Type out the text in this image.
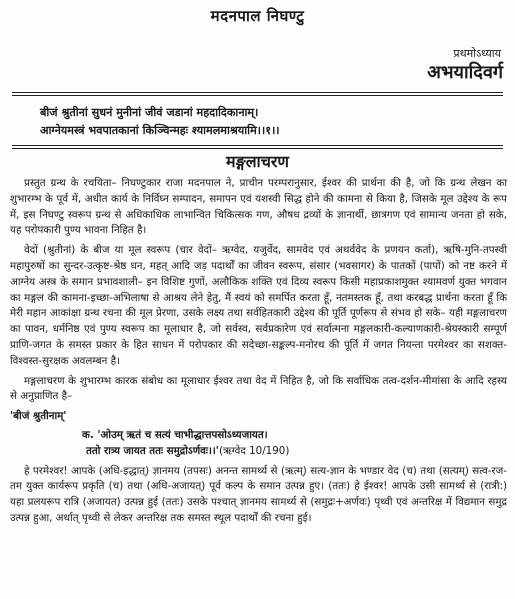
मदनपाल निघण्टु
प्रथमोऽध्याय
अभयादिवर्ग
बीजं श्रुतीनां सुधनं मुनीनां जीवं जडानां महदादिकानाम्।
आग्नेयमस्त्रं भवपातकानां किञ्चिन्महः श्यामलमाश्रयामि।।१।।
मङ्गलाचरण

प्रस्तुत ग्रन्थ के रचयिता– निघण्टुकार राजा मदनपाल ने, प्राचीन परम्परानुसार, ईश्वर की प्रार्थना की है, जो कि ग्रन्थ लेखन का शुभारम्भ के पूर्व में, अधीत कार्य के निर्विघ्न सम्पादन, समापन एवं यशस्वी सिद्ध होने की कामना से किया है, जिसके मूल उद्देश्य के रूप में, इस निघण्टु स्वरूप ग्रन्थ से अधिकाधिक लाभान्वित चिकित्सक गण, औषध द्रव्यों के ज्ञानार्थी, छात्रगण एवं सामान्य जनता हो सके, यह परोपकारी पुण्य भावना निहित है।

वेदों (श्रुतीनां) के बीज या मूल स्वरूप (चार वेदों– ऋग्वेद, यजुर्वेद, सामवेद एवं अथर्ववेद के प्रणयन कर्ता), ऋषि-मुनि-तपस्वी महापुरुषों का सुन्दर-उत्कृष्ट-श्रेष्ठ धन, महत् आदि जड़ पदार्थों का जीवन स्वरूप, संसार (भवसागर) के पातकों (पापों) को नष्ट करने में आग्नेय अस्त्र के समान प्रभावशाली– इन विशिष्ट गुणों, अलौकिक शक्ति एवं दिव्य स्वरूप किसी महाप्रकाशमुक्त श्यामवर्ण युक्त भगवान का मङ्गल की कामना-इच्छा-अभिलाषा से आश्रय लेने हेतु, मैं स्वयं को समर्पित करता हूँ, नतमस्तक हूँ, तथा करबद्ध प्रार्थना करता हूँ कि मेरी महान आकांक्षा ग्रन्थ रचना की मूल प्रेरणा, उसके लक्ष्य तथा सर्वहितकारी उद्देश्य की पूर्ति पूर्णरूप से संभव हो सके– यही मङ्गलाचरण का पावन, धर्मनिष्ठ एवं पुण्य स्वरूप का मूलाधार है, जो सर्वस्व, सर्वप्रकारेण एवं सर्वात्मना मङ्गलकारी-कल्याणकारी-श्रेयस्कारी सम्पूर्ण प्राणि-जगत के समस्त प्रकार के हित साधन में परोपकार की सदेच्छा-सङ्कल्प-मनोरथ की पूर्ति में जगत नियन्ता परमेश्वर का सशक्त-विश्वस्त-सुरक्षक अवलम्बन है।

मङ्गलाचरण के शुभारम्भ कारक संबोध का मूलाधार ईश्वर तथा वेद में निहित है, जो कि सर्वाधिक तत्व-दर्शन-मीमांसा के आदि रहस्य से अनुप्राणित है–

'बीजं श्रुतीनाम्'

क. 'ओउम् ऋतं च सत्यं चाभीद्धात्तपसोऽध्यजायत।

ततो रात्र्य जायत ततः समुद्रोऽर्णवः।।'(ऋग्वेद 10/190)

हे परमेश्वर! आपके (अधि-इद्धात्) ज्ञानमय (तपसः) अनन्त सामर्थ्य से (ऋत्म्) सत्य-ज्ञान के भण्डार वेद (च) तथा (सत्यम्) सत्व-रज-तम युक्त कार्यरूप प्रकृति (च) तथा (अधि-अजायत्) पूर्व कल्प के समान उत्पन्न हुए। (ततः) हे ईश्वर! आपके उसी सामर्थ्य से (रात्री:) यहा प्रलयरूप रात्रि (अजायत) उत्पन्न हुई (ततः) उसके पश्चात् ज्ञानमय सामर्थ्य से (समुद्रः+अर्णवः) पृथ्वी एवं अन्तरिक्ष में विद्यमान समुद्र उत्पन्न हुआ, अर्थात् पृथ्वी से लेकर अन्तरिक्ष तक समस्त स्थूल पदार्थों की रचना हुई।
